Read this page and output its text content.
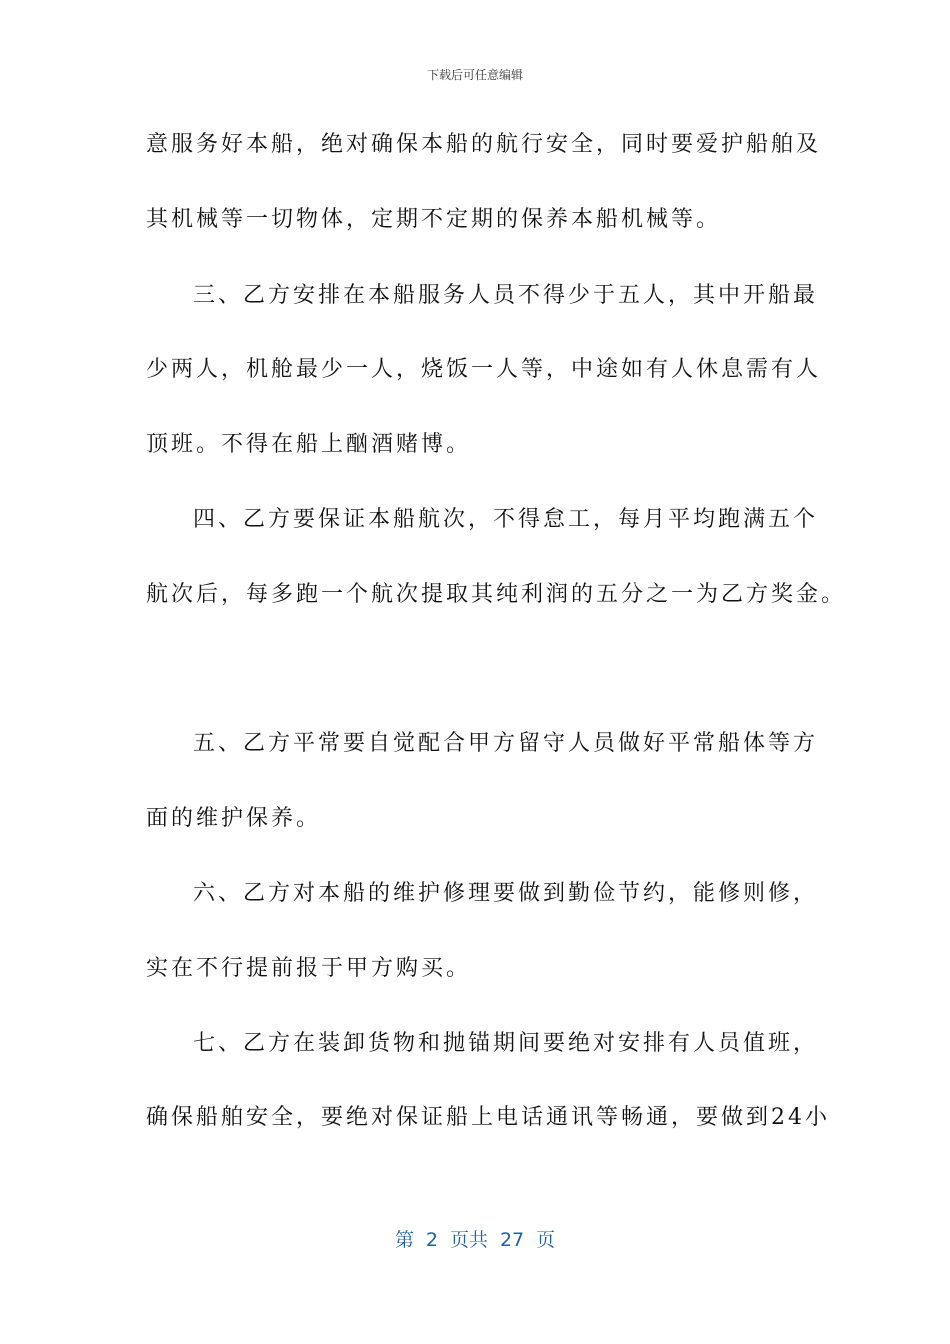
下载后可任意编辑
意服务好本船，绝对确保本船的航行安全，同时要爱护船舶及
其机械等一切物体，定期不定期的保养本船机械等。
三、乙方安排在本船服务人员不得少于五人，其中开船最
少两人，机舱最少一人，烧饭一人等，中途如有人休息需有人
顶班。不得在船上酗酒赌博。
四、乙方要保证本船航次，不得怠工，每月平均跑满五个
航次后，每多跑一个航次提取其纯利润的五分之一为乙方奖金。
五、乙方平常要自觉配合甲方留守人员做好平常船体等方
面的维护保养。
六、乙方对本船的维护修理要做到勤俭节约，能修则修，
实在不行提前报于甲方购买。
七、乙方在装卸货物和抛锚期间要绝对安排有人员值班，
确保船舶安全，要绝对保证船上电话通讯等畅通，要做到24小
第 2 页共 27 页
